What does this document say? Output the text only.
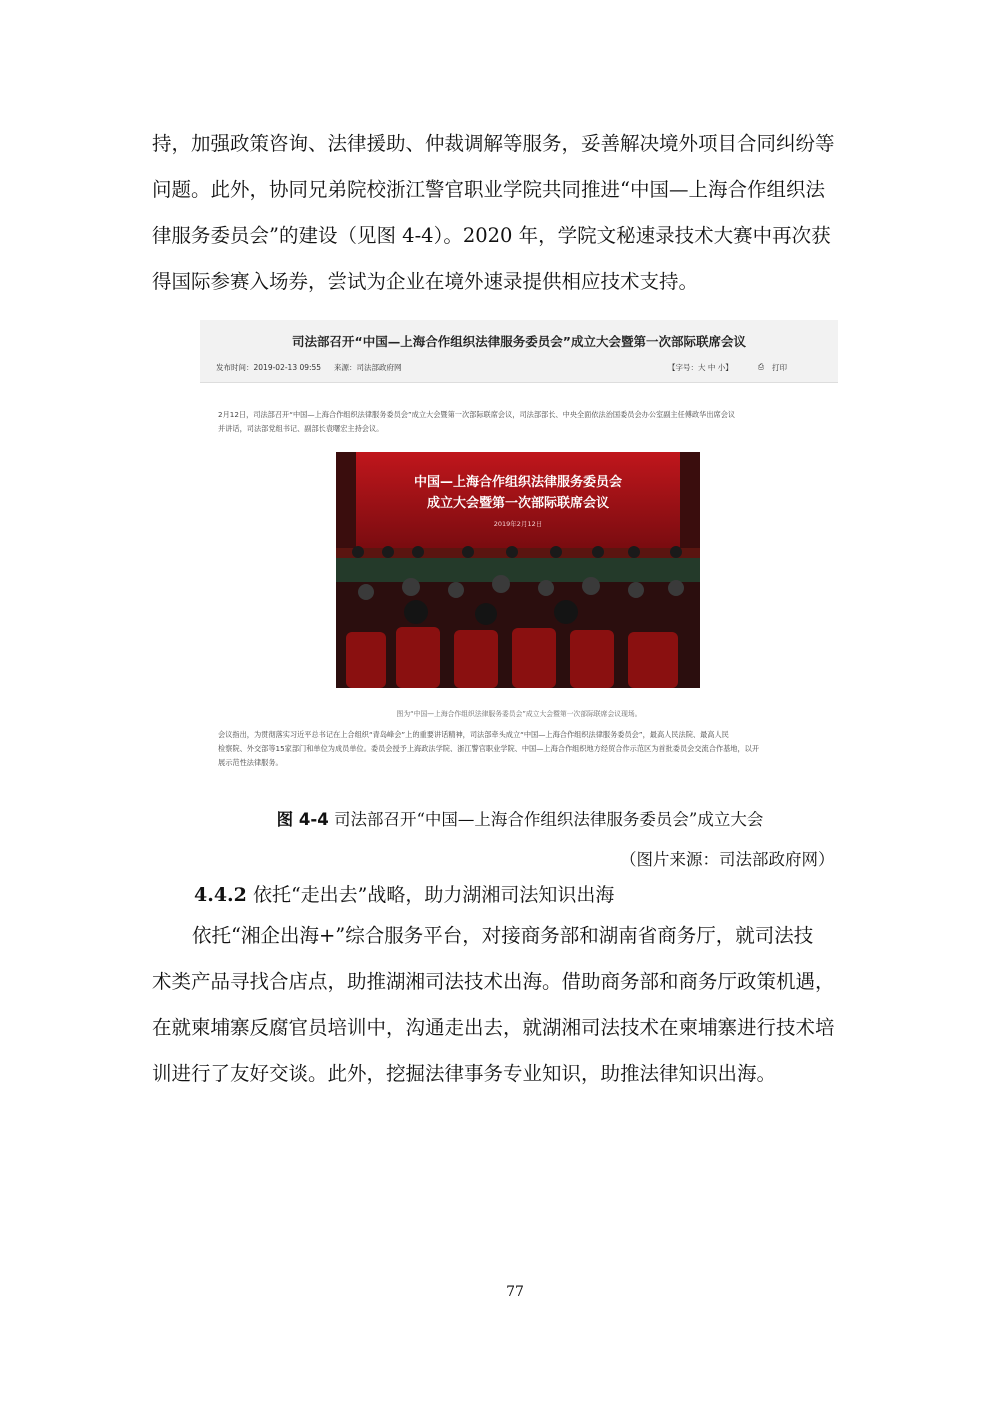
持，加强政策咨询、法律援助、仲裁调解等服务，妥善解决境外项目合同纠纷等
问题。此外，协同兄弟院校浙江警官职业学院共同推进“中国—上海合作组织法
律服务委员会”的建设（见图 4-4）。2020 年，学院文秘速录技术大赛中再次获
得国际参赛入场券，尝试为企业在境外速录提供相应技术支持。
司法部召开“中国—上海合作组织法律服务委员会”成立大会暨第一次部际联席会议
发布时间：2019-02-13 09:55 来源：司法部政府网	【字号：大 中 小】	⎙ 打印
2月12日，司法部召开“中国—上海合作组织法律服务委员会”成立大会暨第一次部际联席会议，司法部部长、中央全面依法治国委员会办公室副主任傅政华出席会议
并讲话，司法部党组书记、副部长袁曙宏主持会议。
中国—上海合作组织法律服务委员会
成立大会暨第一次部际联席会议
2019年2月12日
图为“中国—上海合作组织法律服务委员会”成立大会暨第一次部际联席会议现场。
会议指出，为贯彻落实习近平总书记在上合组织“青岛峰会”上的重要讲话精神，司法部牵头成立“中国—上海合作组织法律服务委员会”，最高人民法院、最高人民
检察院、外交部等15家部门和单位为成员单位。委员会授予上海政法学院、浙江警官职业学院、中国—上海合作组织地方经贸合作示范区为首批委员会交流合作基地，以开
展示范性法律服务。
图 4-4 司法部召开“中国—上海合作组织法律服务委员会”成立大会
（图片来源：司法部政府网）
4.4.2 依托“走出去”战略，助力湖湘司法知识出海
依托“湘企出海+”综合服务平台，对接商务部和湖南省商务厅，就司法技
术类产品寻找合店点，助推湖湘司法技术出海。借助商务部和商务厅政策机遇，
在就柬埔寨反腐官员培训中，沟通走出去，就湖湘司法技术在柬埔寨进行技术培
训进行了友好交谈。此外，挖掘法律事务专业知识，助推法律知识出海。
77
